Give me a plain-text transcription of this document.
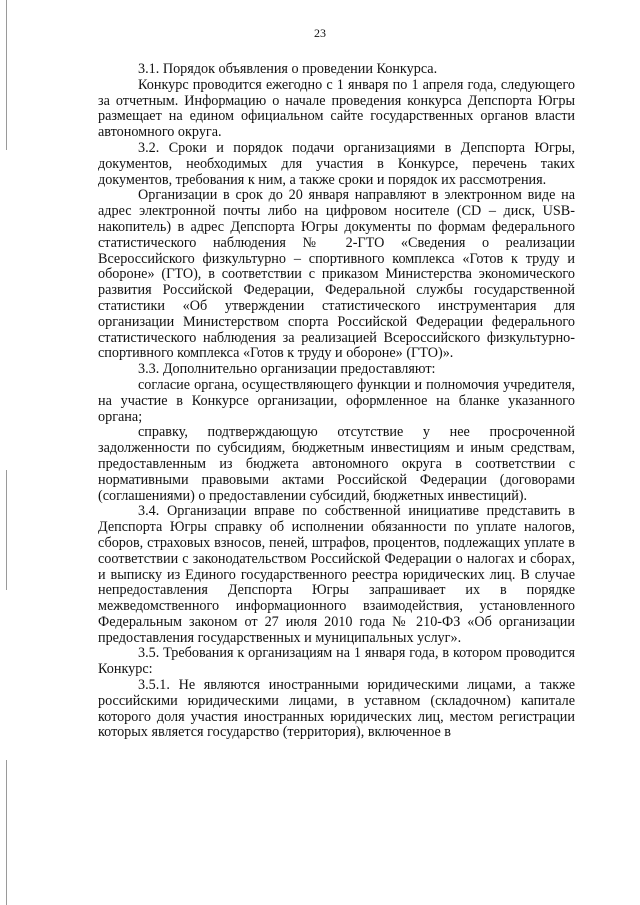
23

3.1. Порядок объявления о проведении Конкурса.

Конкурс проводится ежегодно с 1 января по 1 апреля года, следующего за отчетным. Информацию о начале проведения конкурса Депспорта Югры размещает на едином официальном сайте государственных органов власти автономного округа.

3.2. Сроки и порядок подачи организациями в Депспорта Югры, документов, необходимых для участия в Конкурсе, перечень таких документов, требования к ним, а также сроки и порядок их рассмотрения.

Организации в срок до 20 января направляют в электронном виде на адрес электронной почты либо на цифровом носителе (CD – диск, USB-накопитель) в адрес Депспорта Югры документы по формам федерального статистического наблюдения № 2-ГТО «Сведения о реализации Всероссийского физкультурно – спортивного комплекса «Готов к труду и обороне» (ГТО), в соответствии с приказом Министерства экономического развития Российской Федерации, Федеральной службы государственной статистики «Об утверждении статистического инструментария для организации Министерством спорта Российской Федерации федерального статистического наблюдения за реализацией Всероссийского физкультурно-спортивного комплекса «Готов к труду и обороне» (ГТО)».

3.3. Дополнительно организации предоставляют:

согласие органа, осуществляющего функции и полномочия учредителя, на участие в Конкурсе организации, оформленное на бланке указанного органа;

справку, подтверждающую отсутствие у нее просроченной задолженности по субсидиям, бюджетным инвестициям и иным средствам, предоставленным из бюджета автономного округа в соответствии с нормативными правовыми актами Российской Федерации (договорами (соглашениями) о предоставлении субсидий, бюджетных инвестиций).

3.4. Организации вправе по собственной инициативе представить в Депспорта Югры справку об исполнении обязанности по уплате налогов, сборов, страховых взносов, пеней, штрафов, процентов, подлежащих уплате в соответствии с законодательством Российской Федерации о налогах и сборах, и выписку из Единого государственного реестра юридических лиц. В случае непредоставления Депспорта Югры запрашивает их в порядке межведомственного информационного взаимодействия, установленного Федеральным законом от 27 июля 2010 года № 210-ФЗ «Об организации предоставления государственных и муниципальных услуг».

3.5. Требования к организациям на 1 января года, в котором проводится Конкурс:

3.5.1. Не являются иностранными юридическими лицами, а также российскими юридическими лицами, в уставном (складочном) капитале которого доля участия иностранных юридических лиц, местом регистрации которых является государство (территория), включенное в
